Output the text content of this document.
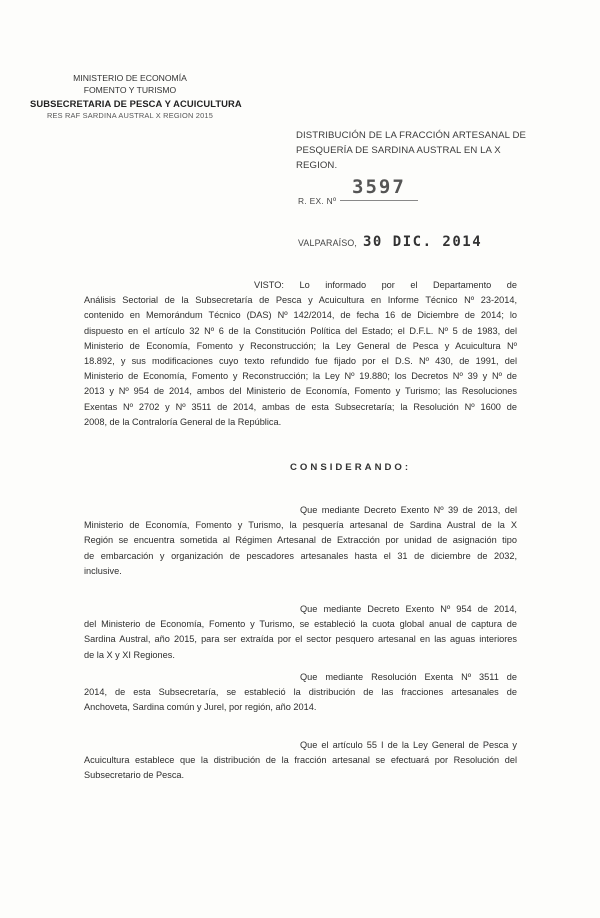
MINISTERIO DE ECONOMÍA
FOMENTO Y TURISMO
SUBSECRETARIA DE PESCA Y ACUICULTURA
RES RAF SARDINA AUSTRAL X REGION 2015
DISTRIBUCIÓN DE LA FRACCIÓN ARTESANAL DE
PESQUERÍA DE SARDINA AUSTRAL EN LA X REGION.
R. EX. Nº
3597
VALPARAÍSO, 30 DIC. 2014
VISTO: Lo informado por el Departamento de
Análisis Sectorial de la Subsecretaría de Pesca y Acuicultura en Informe Técnico Nº 23-2014,
contenido en Memorándum Técnico (DAS) Nº 142/2014, de fecha 16 de Diciembre de 2014; lo
dispuesto en el artículo 32 Nº 6 de la Constitución Política del Estado; el D.F.L. Nº 5 de 1983, del
Ministerio de Economía, Fomento y Reconstrucción; la Ley General de Pesca y Acuicultura Nº
18.892, y sus modificaciones cuyo texto refundido fue fijado por el D.S. Nº 430, de 1991, del
Ministerio de Economía, Fomento y Reconstrucción; la Ley Nº 19.880; los Decretos Nº 39 y Nº de
2013 y Nº 954 de 2014, ambos del Ministerio de Economía, Fomento y Turismo; las Resoluciones
Exentas Nº 2702 y Nº 3511 de 2014, ambas de esta Subsecretaría; la Resolución Nº 1600 de
2008, de la Contraloría General de la República.
CONSIDERANDO:
Que mediante Decreto Exento Nº 39 de 2013, del
Ministerio de Economía, Fomento y Turismo, la pesquería artesanal de Sardina Austral de la X
Región se encuentra sometida al Régimen Artesanal de Extracción por unidad de asignación tipo
de embarcación y organización de pescadores artesanales hasta el 31 de diciembre de 2032,
inclusive.
Que mediante Decreto Exento Nº 954 de 2014,
del Ministerio de Economía, Fomento y Turismo, se estableció la cuota global anual de captura de
Sardina Austral, año 2015, para ser extraída por el sector pesquero artesanal en las aguas interiores
de la X y XI Regiones.
Que mediante Resolución Exenta Nº 3511 de
2014, de esta Subsecretaría, se estableció la distribución de las fracciones artesanales de
Anchoveta, Sardina común y Jurel, por región, año 2014.
Que el artículo 55 I de la Ley General de Pesca y
Acuicultura establece que la distribución de la fracción artesanal se efectuará por Resolución del
Subsecretario de Pesca.
